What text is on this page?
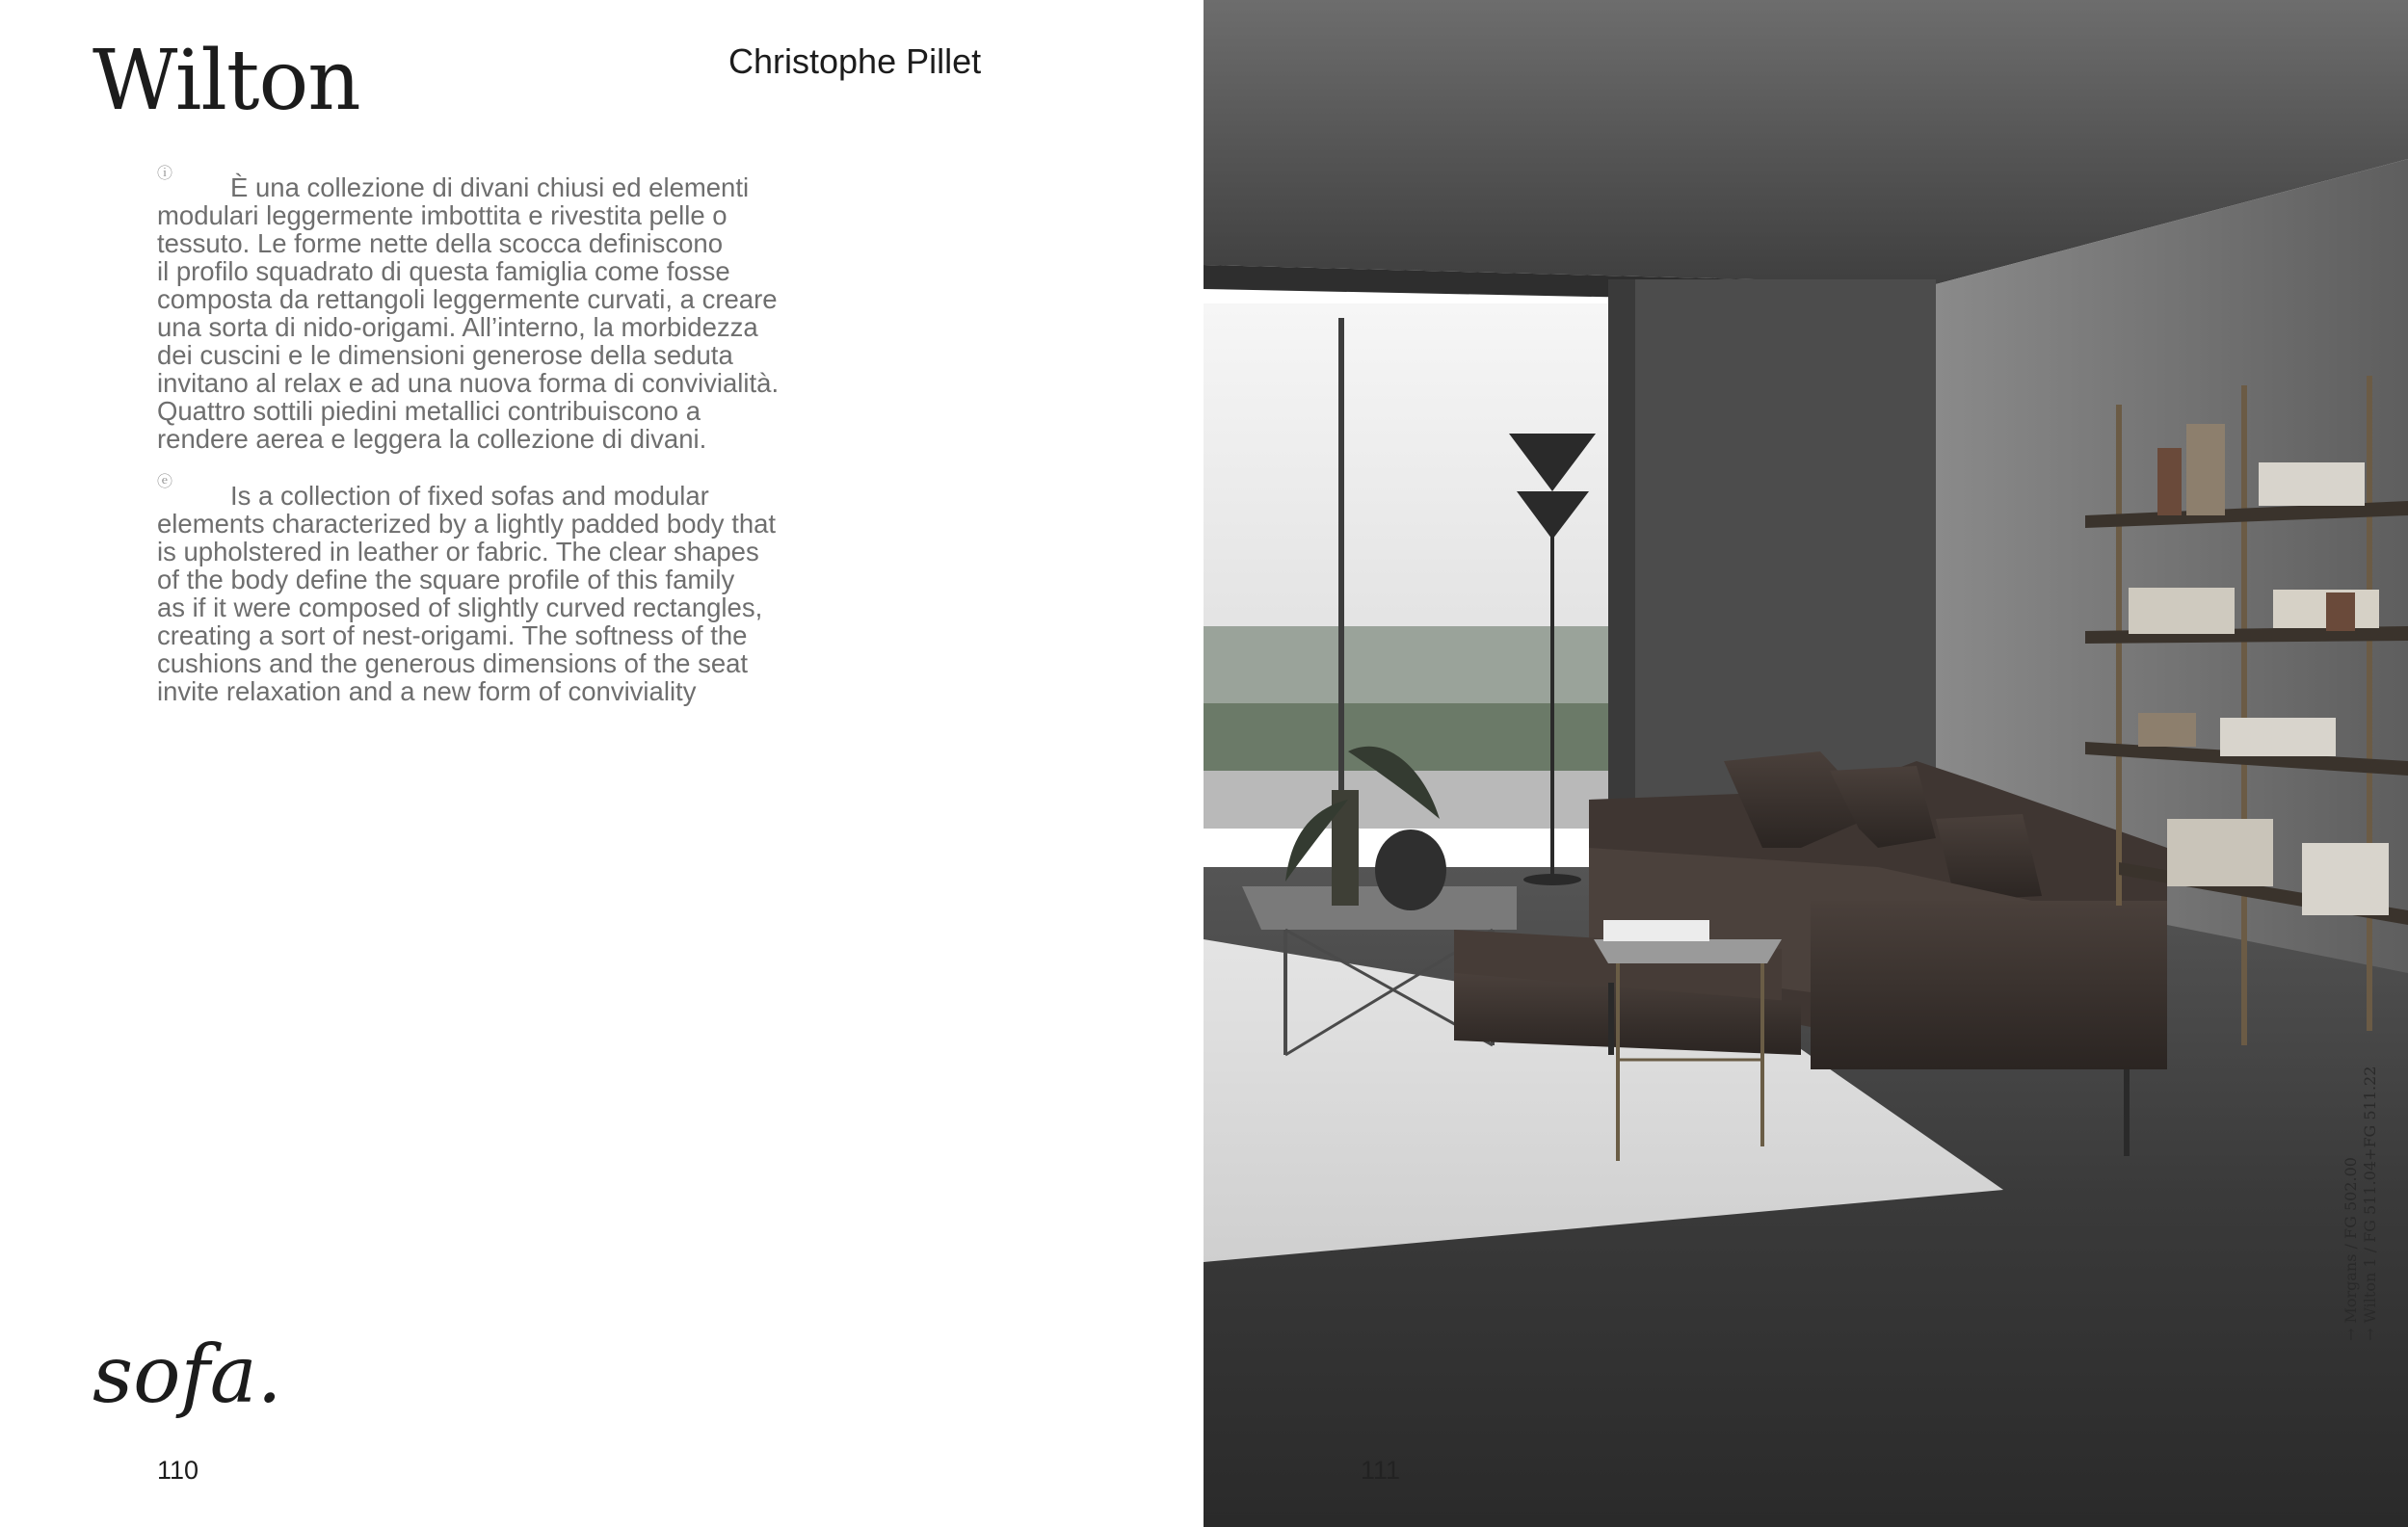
Wilton	Christophe Pillet
ⓘ	È una collezione di divani chiusi ed elementi
modulari leggermente imbottita e rivestita pelle o
tessuto. Le forme nette della scocca definiscono
il profilo squadrato di questa famiglia come fosse
composta da rettangoli leggermente curvati, a creare
una sorta di nido-origami. All’interno, la morbidezza
dei cuscini e le dimensioni generose della seduta
invitano al relax e ad una nuova forma di convivialità.
Quattro sottili piedini metallici contribuiscono a
rendere aerea e leggera la collezione di divani.
ⓔ	Is a collection of fixed sofas and modular
elements characterized by a lightly padded body that
is upholstered in leather or fabric. The clear shapes
of the body define the square profile of this family
as if it were composed of slightly curved rectangles,
creating a sort of nest-origami. The softness of the
cushions and the generous dimensions of the seat
invite relaxation and a new form of conviviality
sofa.
110	111
→ Morgans / FG 502.00 → Wilton 1 / FG 511.04+FG 511.22
